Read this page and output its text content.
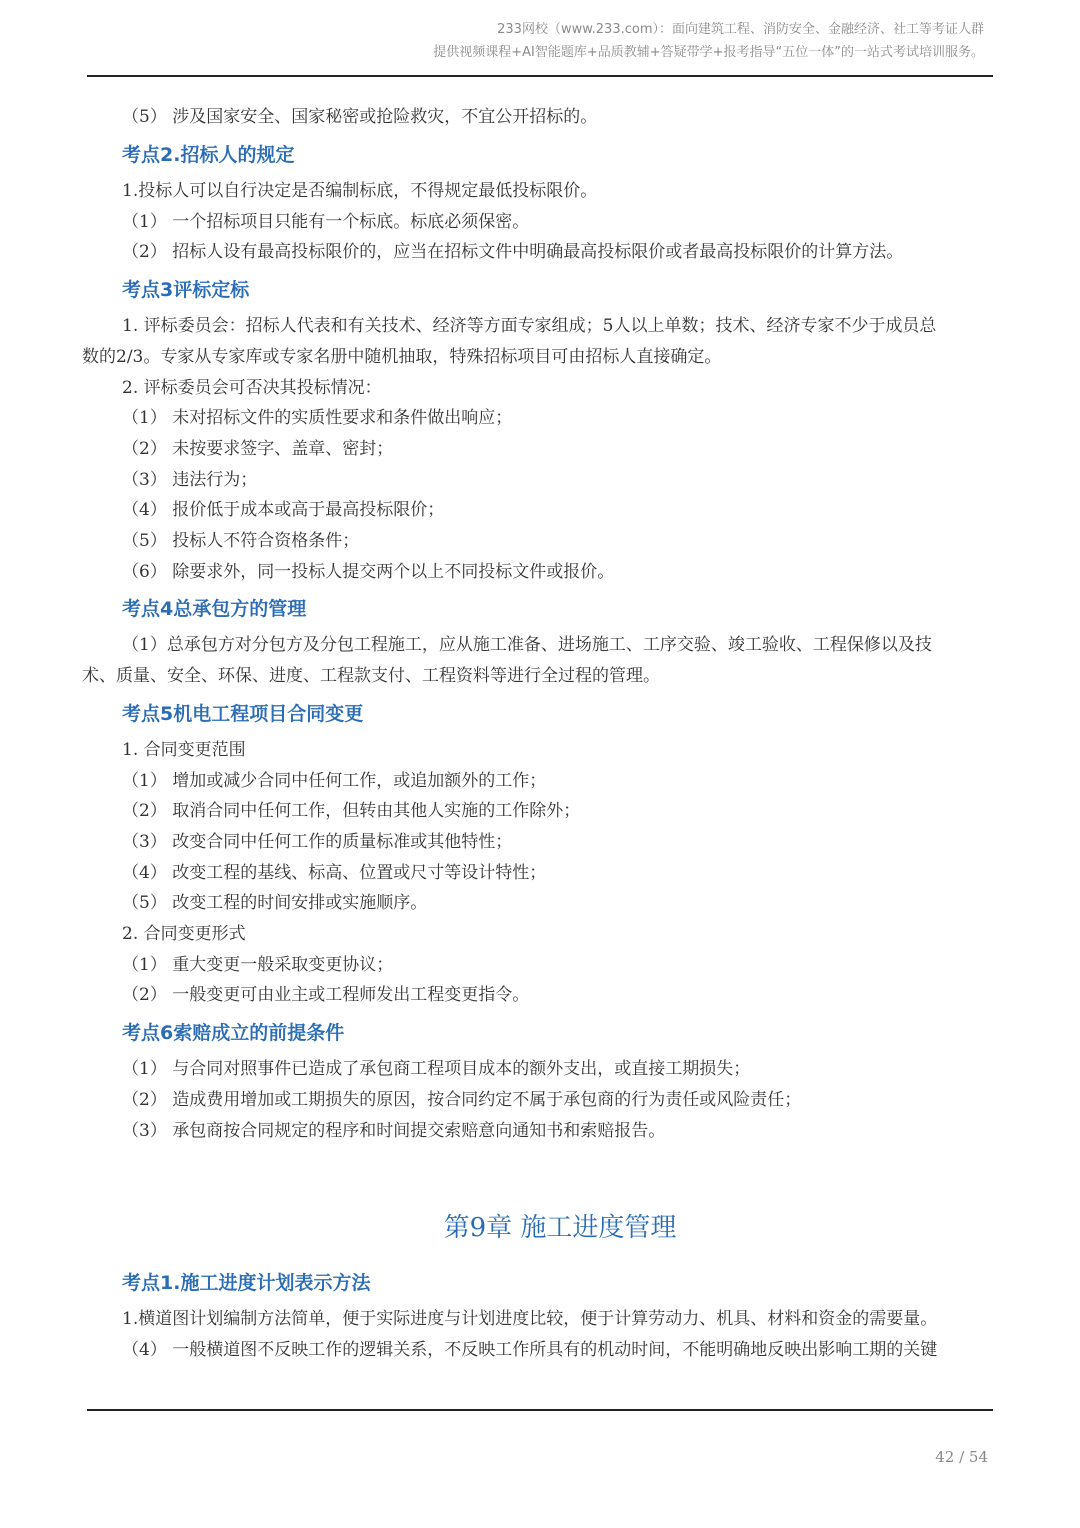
233网校（www.233.com）：面向建筑工程、消防安全、金融经济、社工等考证人群
提供视频课程+AI智能题库+品质教辅+答疑带学+报考指导“五位一体”的一站式考试培训服务。
（5） 涉及国家安全、国家秘密或抢险救灾，不宜公开招标的。
考点2.招标人的规定
1.投标人可以自行决定是否编制标底，不得规定最低投标限价。
（1） 一个招标项目只能有一个标底。标底必须保密。
（2） 招标人设有最高投标限价的，应当在招标文件中明确最高投标限价或者最高投标限价的计算方法。
考点3评标定标
1. 评标委员会：招标人代表和有关技术、经济等方面专家组成；5人以上单数；技术、经济专家不少于成员总
数的2/3。专家从专家库或专家名册中随机抽取，特殊招标项目可由招标人直接确定。
2. 评标委员会可否决其投标情况：
（1） 未对招标文件的实质性要求和条件做出响应；
（2） 未按要求签字、盖章、密封；
（3） 违法行为；
（4） 报价低于成本或高于最高投标限价；
（5） 投标人不符合资格条件；
（6） 除要求外，同一投标人提交两个以上不同投标文件或报价。
考点4总承包方的管理
（1）总承包方对分包方及分包工程施工，应从施工准备、进场施工、工序交验、竣工验收、工程保修以及技
术、质量、安全、环保、进度、工程款支付、工程资料等进行全过程的管理。
考点5机电工程项目合同变更
1. 合同变更范围
（1） 增加或减少合同中任何工作，或追加额外的工作；
（2） 取消合同中任何工作，但转由其他人实施的工作除外；
（3） 改变合同中任何工作的质量标准或其他特性；
（4） 改变工程的基线、标高、位置或尺寸等设计特性；
（5） 改变工程的时间安排或实施顺序。
2. 合同变更形式
（1） 重大变更一般采取变更协议；
（2） 一般变更可由业主或工程师发出工程变更指令。
考点6索赔成立的前提条件
（1） 与合同对照事件已造成了承包商工程项目成本的额外支出，或直接工期损失；
（2） 造成费用增加或工期损失的原因，按合同约定不属于承包商的行为责任或风险责任；
（3） 承包商按合同规定的程序和时间提交索赔意向通知书和索赔报告。
第9章 施工进度管理
考点1.施工进度计划表示方法
1.横道图计划编制方法简单，便于实际进度与计划进度比较，便于计算劳动力、机具、材料和资金的需要量。
（4） 一般横道图不反映工作的逻辑关系，不反映工作所具有的机动时间，不能明确地反映出影响工期的关键
42 / 54
